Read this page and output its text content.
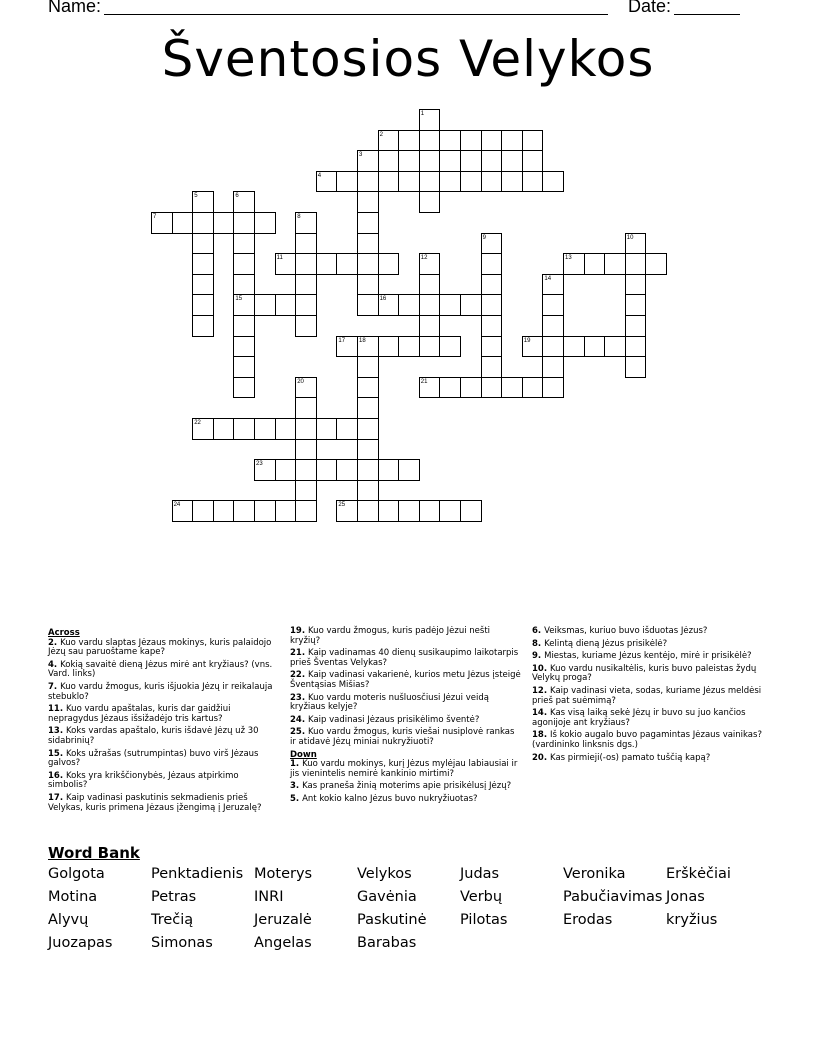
Name:	Date:
Šventosios Velykos
1
2
3
4
5	6
7	8
9	10
11	12	13
14
15	16
17 18	19
20	21
22
23
24	25
Across
2. Kuo vardu slaptas Jėzaus mokinys, kuris palaidojo Jėzų sau paruoštame kape?
4. Kokią savaitė dieną Jėzus mirė ant kryžiaus? (vns. Vard. links)
7. Kuo vardu žmogus, kuris išjuokia Jėzų ir reikalauja stebuklo?
11. Kuo vardu apaštalas, kuris dar gaidžiui nepragydus Jėzaus išsižadėjo tris kartus?
13. Koks vardas apaštalo, kuris išdavė Jėzų už 30 sidabrinių?
15. Koks užrašas (sutrumpintas) buvo virš Jėzaus galvos?
16. Koks yra krikščionybės, Jėzaus atpirkimo simbolis?
17. Kaip vadinasi paskutinis sekmadienis prieš Velykas, kuris primena Jėzaus įžengimą į Jeruzalę?
19. Kuo vardu žmogus, kuris padėjo Jėzui nešti kryžių?
21. Kaip vadinamas 40 dienų susikaupimo laikotarpis prieš Šventas Velykas?
22. Kaip vadinasi vakarienė, kurios metu Jėzus įsteigė Šventąsias Mišias?
23. Kuo vardu moteris nušluosčiusi Jėzui veidą kryžiaus kelyje?
24. Kaip vadinasi Jėzaus prisikėlimo šventė?
25. Kuo vardu žmogus, kuris viešai nusiplovė rankas ir atidavė Jėzų miniai nukryžiuoti?
Down
1. Kuo vardu mokinys, kurį Jėzus mylėjau labiausiai ir jis vienintelis nemirė kankinio mirtimi?
3. Kas praneša žinią moterims apie prisikėlusį Jėzų?
5. Ant kokio kalno Jėzus buvo nukryžiuotas?
6. Veiksmas, kuriuo buvo išduotas Jėzus?
8. Kelintą dieną Jėzus prisikėlė?
9. Miestas, kuriame Jėzus kentėjo, mirė ir prisikėlė?
10. Kuo vardu nusikaltėlis, kuris buvo paleistas žydų Velykų proga?
12. Kaip vadinasi vieta, sodas, kuriame Jėzus meldėsi prieš pat suėmimą?
14. Kas visą laiką sekė Jėzų ir buvo su juo kančios agonijoje ant kryžiaus?
18. Iš kokio augalo buvo pagamintas Jėzaus vainikas? (vardininko linksnis dgs.)
20. Kas pirmieji(-os) pamato tuščią kapą?
Word Bank
Golgota	Penktadienis Moterys	Velykos	Judas	Veronika	Erškėčiai
Motina	Petras	INRI	Gavėnia	Verbų	Pabučiavimas Jonas
Alyvų	Trečią	Jeruzalė	Paskutinė Pilotas	Erodas	kryžius
Juozapas	Simonas	Angelas	Barabas
